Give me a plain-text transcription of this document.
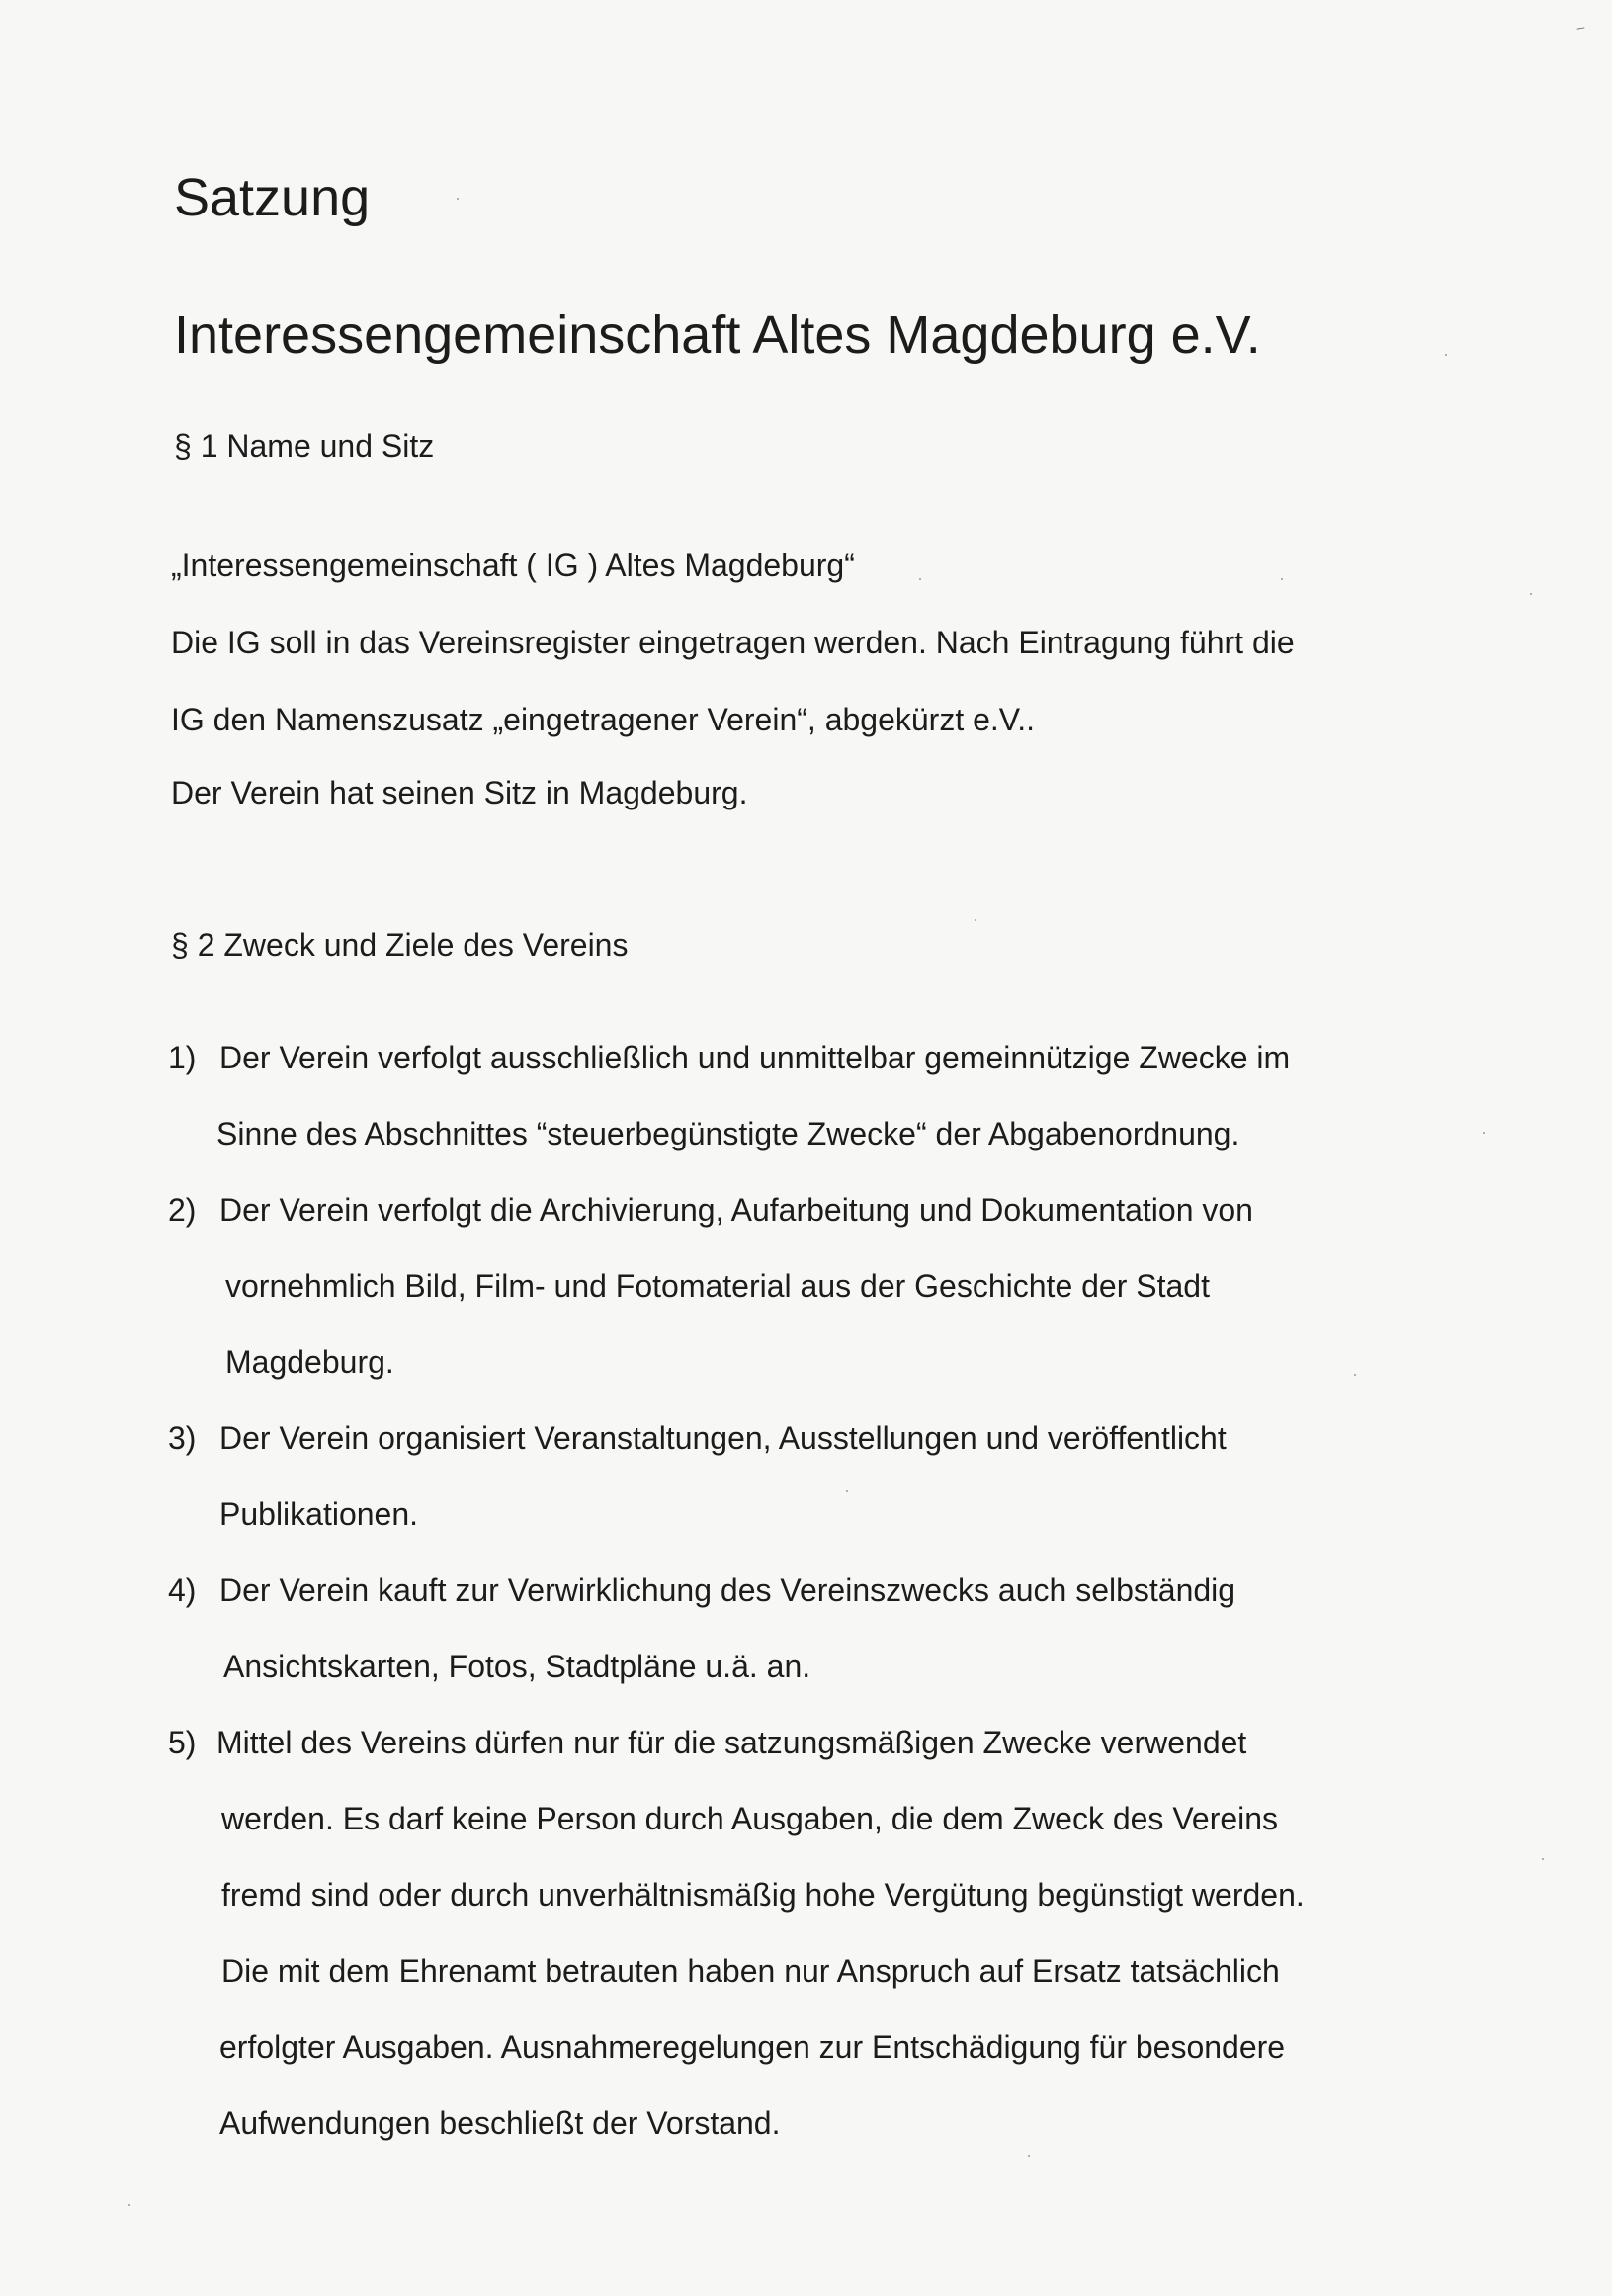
⸝
Satzung
Interessengemeinschaft Altes Magdeburg e.V.
§ 1 Name und Sitz
„Interessengemeinschaft ( IG ) Altes Magdeburg“
Die IG soll in das Vereinsregister eingetragen werden. Nach Eintragung führt die
IG den Namenszusatz „eingetragener Verein“, abgekürzt e.V..
Der Verein hat seinen Sitz in Magdeburg.
§ 2 Zweck und Ziele des Vereins
1) Der Verein verfolgt ausschließlich und unmittelbar gemeinnützige Zwecke im
Sinne des Abschnittes “steuerbegünstigte Zwecke“ der Abgabenordnung.
2) Der Verein verfolgt die Archivierung, Aufarbeitung und Dokumentation von
vornehmlich Bild, Film- und Fotomaterial aus der Geschichte der Stadt
Magdeburg.
3) Der Verein organisiert Veranstaltungen, Ausstellungen und veröffentlicht
Publikationen.
4) Der Verein kauft zur Verwirklichung des Vereinszwecks auch selbständig
Ansichtskarten, Fotos, Stadtpläne u.ä. an.
5) Mittel des Vereins dürfen nur für die satzungsmäßigen Zwecke verwendet
werden. Es darf keine Person durch Ausgaben, die dem Zweck des Vereins
fremd sind oder durch unverhältnismäßig hohe Vergütung begünstigt werden.
Die mit dem Ehrenamt betrauten haben nur Anspruch auf Ersatz tatsächlich
erfolgter Ausgaben. Ausnahmeregelungen zur Entschädigung für besondere
Aufwendungen beschließt der Vorstand.
